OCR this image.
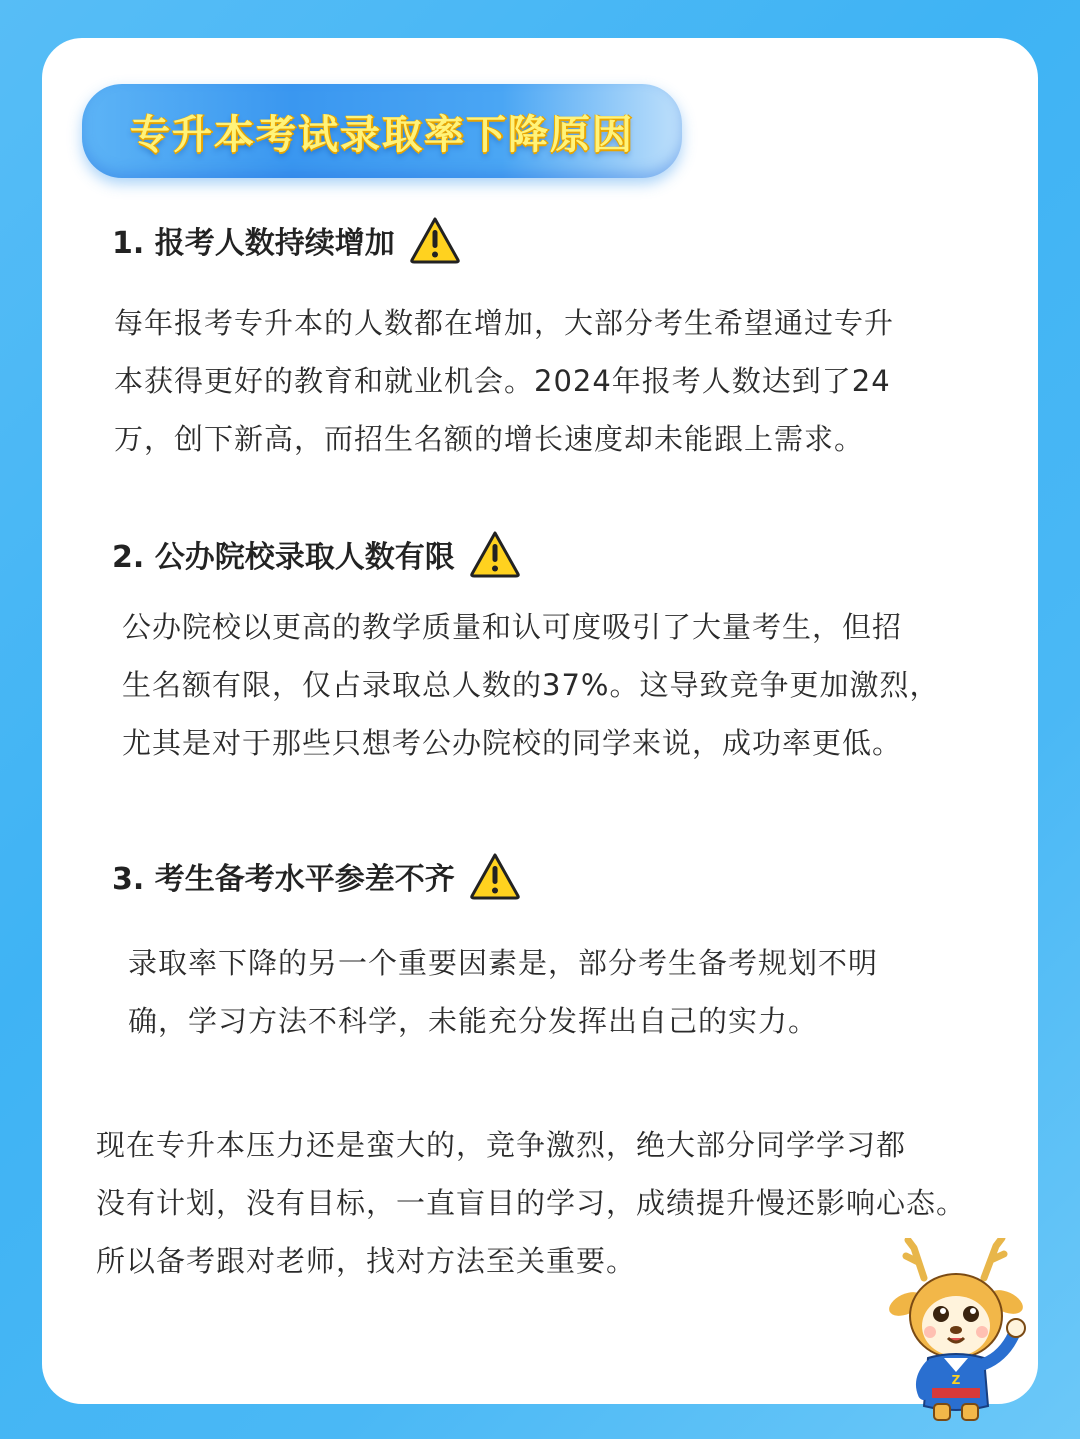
专升本考试录取率下降原因
1. 报考人数持续增加
每年报考专升本的人数都在增加，大部分考生希望通过专升
本获得更好的教育和就业机会。2024年报考人数达到了24
万，创下新高，而招生名额的增长速度却未能跟上需求。
2. 公办院校录取人数有限
公办院校以更高的教学质量和认可度吸引了大量考生，但招
生名额有限，仅占录取总人数的37%。这导致竞争更加激烈，
尤其是对于那些只想考公办院校的同学来说，成功率更低。
3. 考生备考水平参差不齐
录取率下降的另一个重要因素是，部分考生备考规划不明
确，学习方法不科学，未能充分发挥出自己的实力。
现在专升本压力还是蛮大的，竞争激烈，绝大部分同学学习都
没有计划，没有目标，一直盲目的学习，成绩提升慢还影响心态。
所以备考跟对老师，找对方法至关重要。
Z
